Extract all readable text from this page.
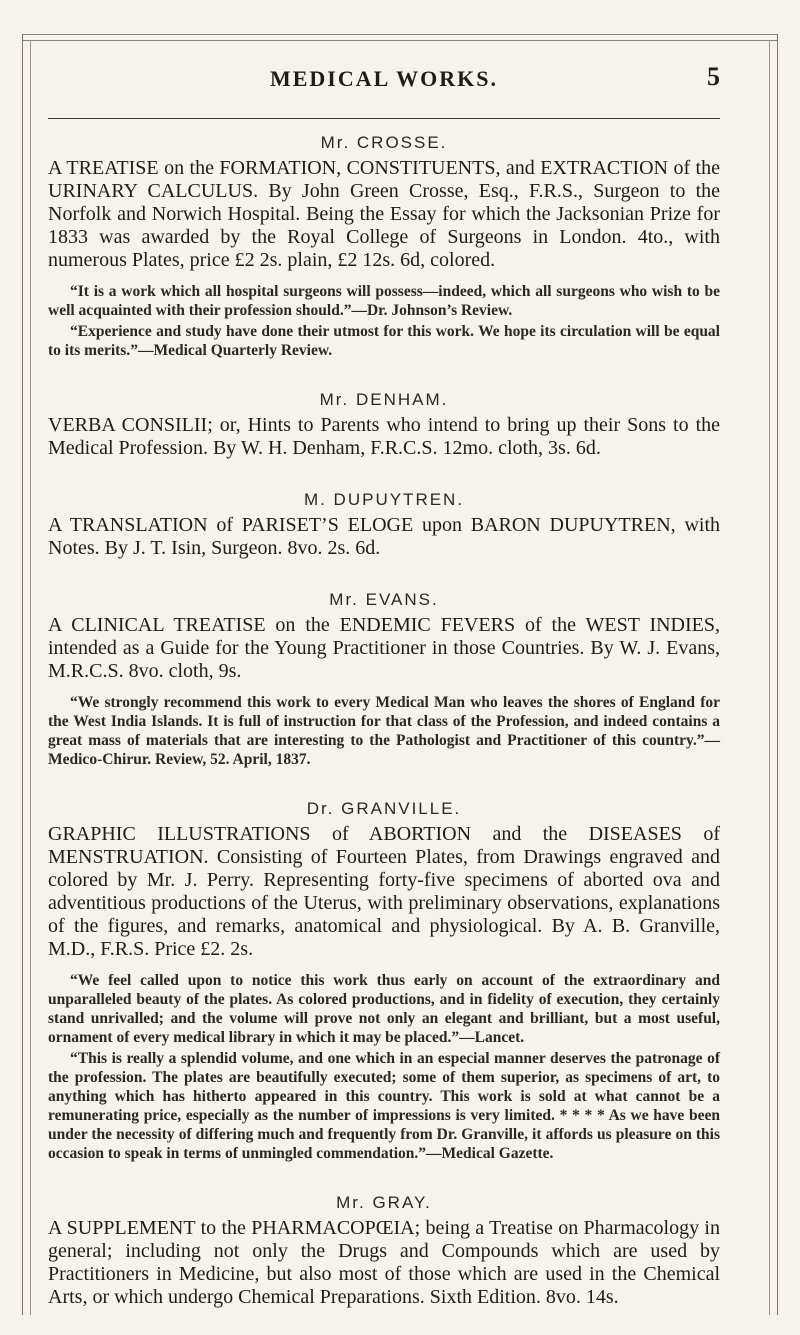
MEDICAL WORKS.	5
Mr. CROSSE.

A TREATISE on the FORMATION, CONSTITUENTS, and EXTRACTION of the URINARY CALCULUS. By John Green Crosse, Esq., F.R.S., Surgeon to the Norfolk and Norwich Hospital. Being the Essay for which the Jacksonian Prize for 1833 was awarded by the Royal College of Surgeons in London. 4to., with numerous Plates, price £2 2s. plain, £2 12s. 6d, colored.

“It is a work which all hospital surgeons will possess—indeed, which all surgeons who wish to be well acquainted with their profession should.”—Dr. Johnson’s Review.

“Experience and study have done their utmost for this work. We hope its circulation will be equal to its merits.”—Medical Quarterly Review.

Mr. DENHAM.

VERBA CONSILII; or, Hints to Parents who intend to bring up their Sons to the Medical Profession. By W. H. Denham, F.R.C.S. 12mo. cloth, 3s. 6d.

M. DUPUYTREN.

A TRANSLATION of PARISET’S ELOGE upon BARON DUPUYTREN, with Notes. By J. T. Isin, Surgeon. 8vo. 2s. 6d.

Mr. EVANS.

A CLINICAL TREATISE on the ENDEMIC FEVERS of the WEST INDIES, intended as a Guide for the Young Practitioner in those Countries. By W. J. Evans, M.R.C.S. 8vo. cloth, 9s.

“We strongly recommend this work to every Medical Man who leaves the shores of England for the West India Islands. It is full of instruction for that class of the Profession, and indeed contains a great mass of materials that are interesting to the Pathologist and Practitioner of this country.”—Medico-Chirur. Review, 52. April, 1837.

Dr. GRANVILLE.

GRAPHIC ILLUSTRATIONS of ABORTION and the DISEASES of MENSTRUATION. Consisting of Fourteen Plates, from Drawings engraved and colored by Mr. J. Perry. Representing forty-five specimens of aborted ova and adventitious productions of the Uterus, with preliminary observations, explanations of the figures, and remarks, anatomical and physiological. By A. B. Granville, M.D., F.R.S. Price £2. 2s.

“We feel called upon to notice this work thus early on account of the extraordinary and unparalleled beauty of the plates. As colored productions, and in fidelity of execution, they certainly stand unrivalled; and the volume will prove not only an elegant and brilliant, but a most useful, ornament of every medical library in which it may be placed.”—Lancet.

“This is really a splendid volume, and one which in an especial manner deserves the patronage of the profession. The plates are beautifully executed; some of them superior, as specimens of art, to anything which has hitherto appeared in this country. This work is sold at what cannot be a remunerating price, especially as the number of impressions is very limited. * * * * As we have been under the necessity of differing much and frequently from Dr. Granville, it affords us pleasure on this occasion to speak in terms of unmingled commendation.”—Medical Gazette.

Mr. GRAY.

A SUPPLEMENT to the PHARMACOPŒIA; being a Treatise on Pharmacology in general; including not only the Drugs and Compounds which are used by Practitioners in Medicine, but also most of those which are used in the Chemical Arts, or which undergo Chemical Preparations. Sixth Edition. 8vo. 14s.
